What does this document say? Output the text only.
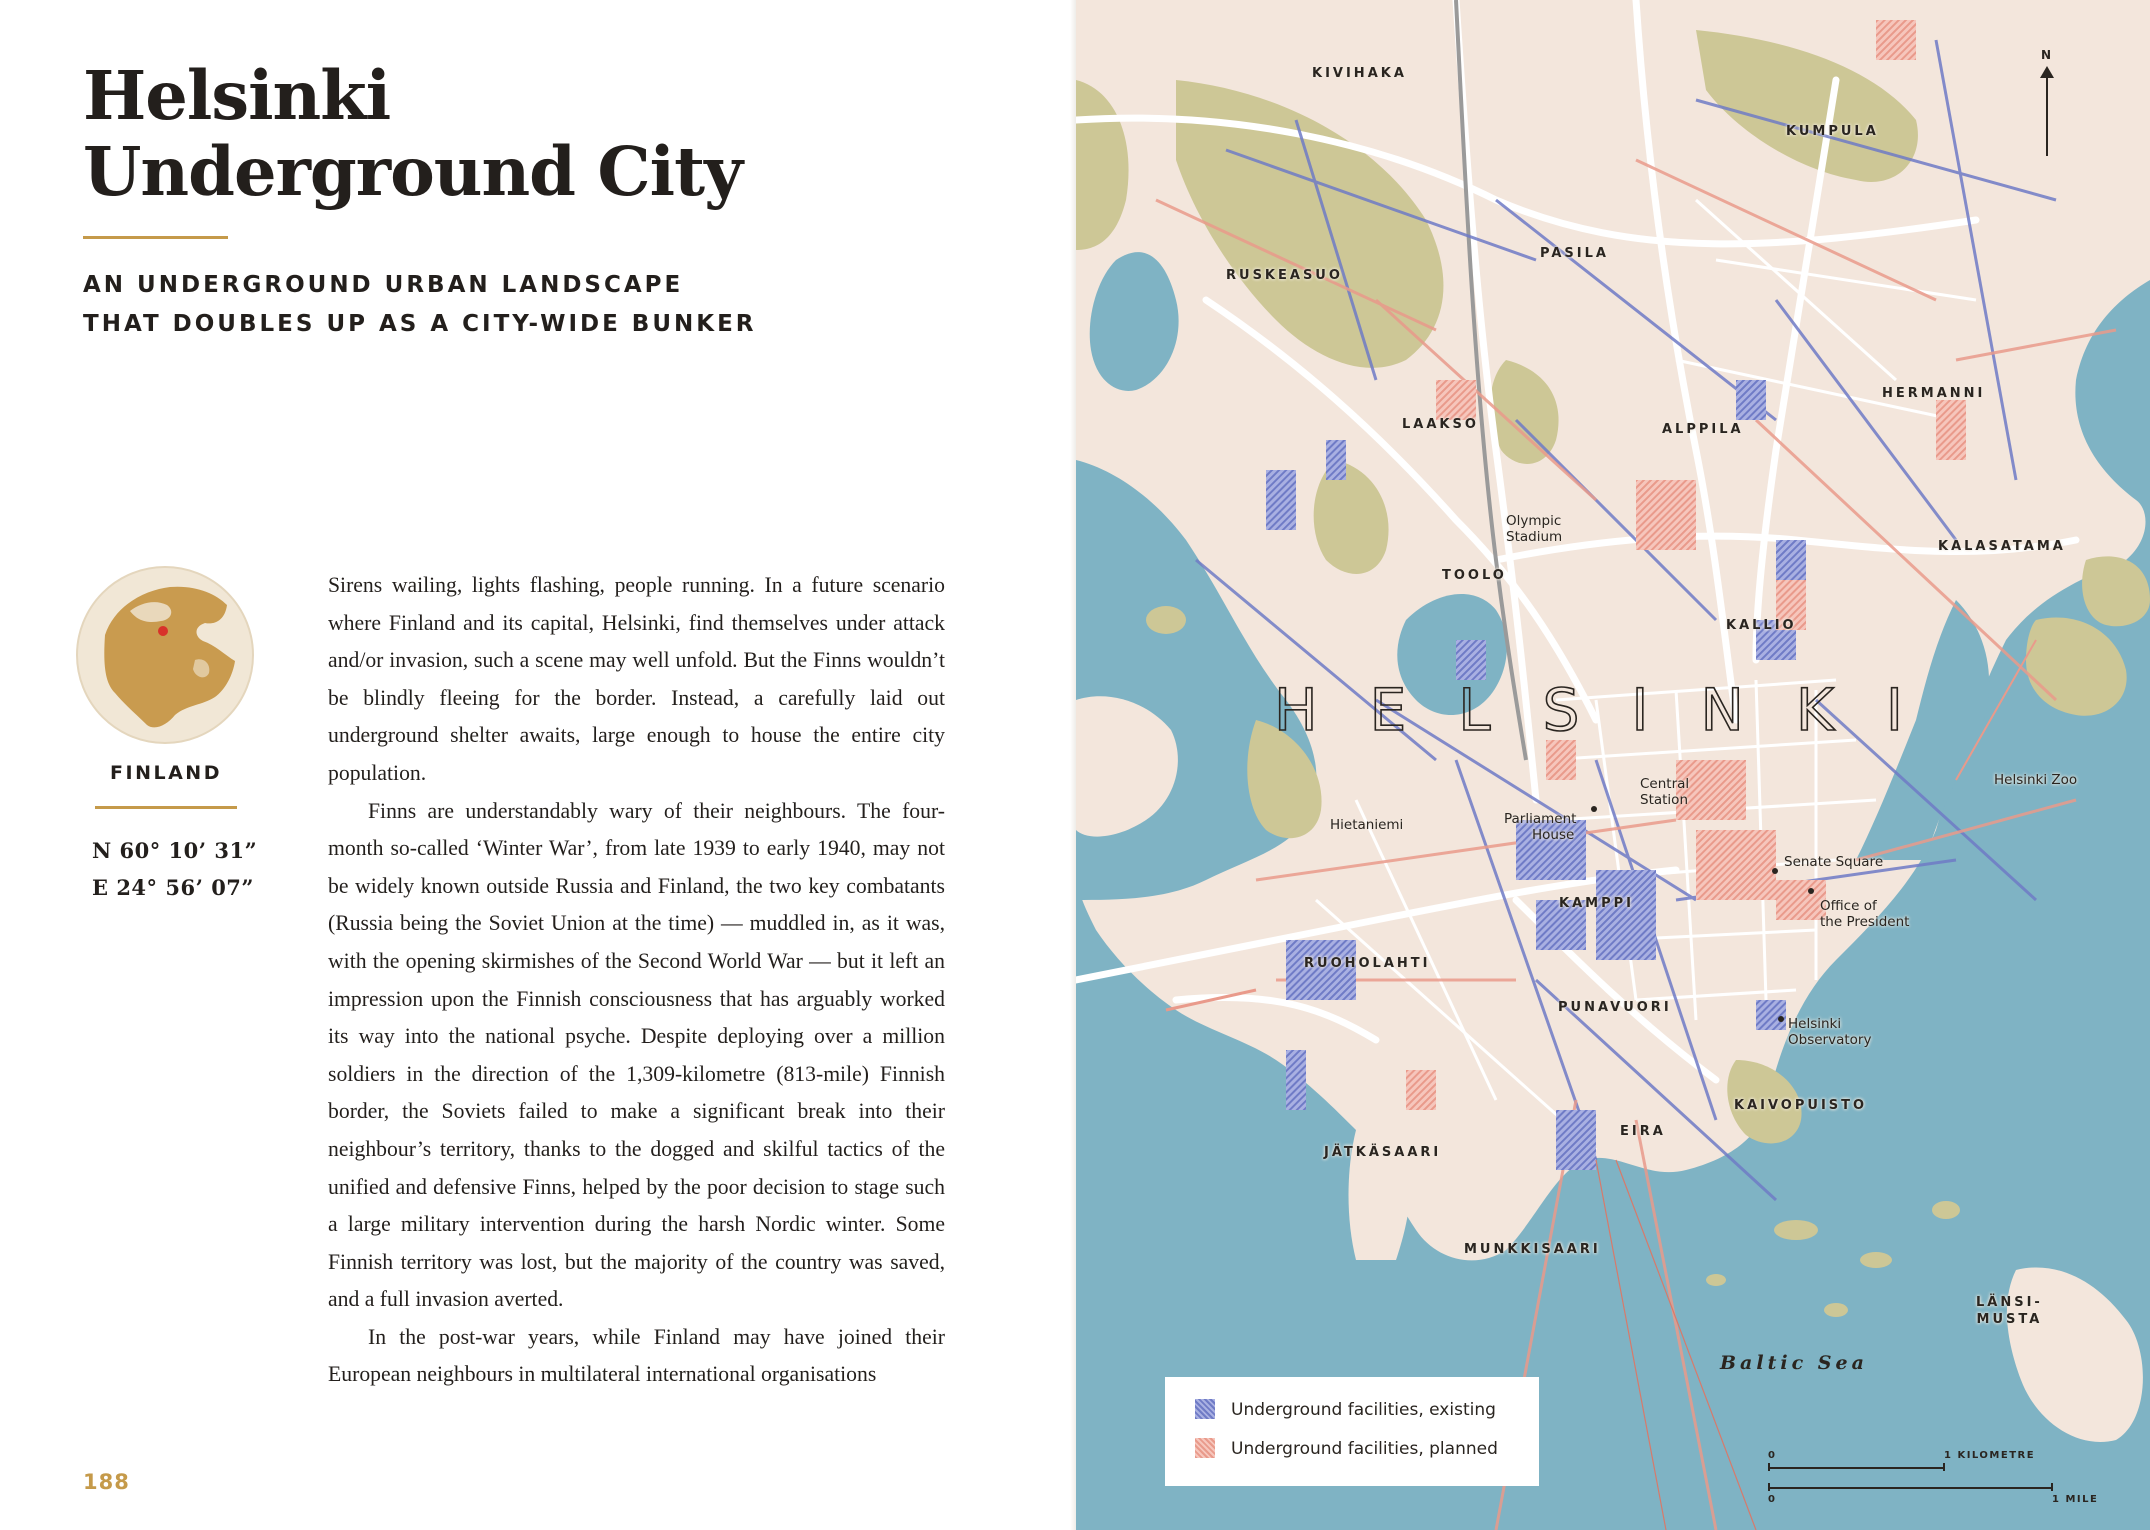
Helsinki
Underground City
AN UNDERGROUND URBAN LANDSCAPE
THAT DOUBLES UP AS A CITY-WIDE BUNKER
FINLAND
N 60° 10’ 31”
E 24° 56’ 07”

Sirens wailing, lights flashing, people running. In a future scenario where Finland and its capital, Helsinki, find themselves under attack and/or invasion, such a scene may well unfold. But the Finns wouldn’t be blindly fleeing for the border. Instead, a carefully laid out underground shelter awaits, large enough to house the entire city population.

Finns are understandably wary of their neighbours. The four-month so-called ‘Winter War’, from late 1939 to early 1940, may not be widely known outside Russia and Finland, the two key combatants (Russia being the Soviet Union at the time) — muddled in, as it was, with the opening skirmishes of the Second World War — but it left an impression upon the Finnish consciousness that has arguably worked its way into the national psyche. Despite deploying over a million soldiers in the direction of the 1,309-kilometre (813-mile) Finnish border, the Soviets failed to make a significant break into their neighbour’s territory, thanks to the dogged and skilful tactics of the unified and defensive Finns, helped by the poor decision to stage such a large military intervention during the harsh Nordic winter. Some Finnish territory was lost, but the majority of the country was saved, and a full invasion averted.

In the post-war years, while Finland may have joined their European neighbours in multilateral international organisations

188
HELSINKI
N
KIVIHAKA
KUMPULA
PASILA
RUSKEASUO
HERMANNI
LAAKSO	ALPPILA
KALASATAMA
TOOLO
KALLIO
KAMPPI
RUOHOLAHTI
PUNAVUORI
KAIVOPUISTO
EIRA
JÄTKÄSAARI
MUNKKISAARI
LÄNSI-
MUSTA
Olympic
Stadium
Central
Station
Parliament
House
Hietaniemi
Senate Square
Office of
the President
Helsinki
Observatory
Helsinki Zoo
Baltic Sea
Underground facilities, existing
Underground facilities, planned	0	1 KILOMETRE
0	1 MILE
